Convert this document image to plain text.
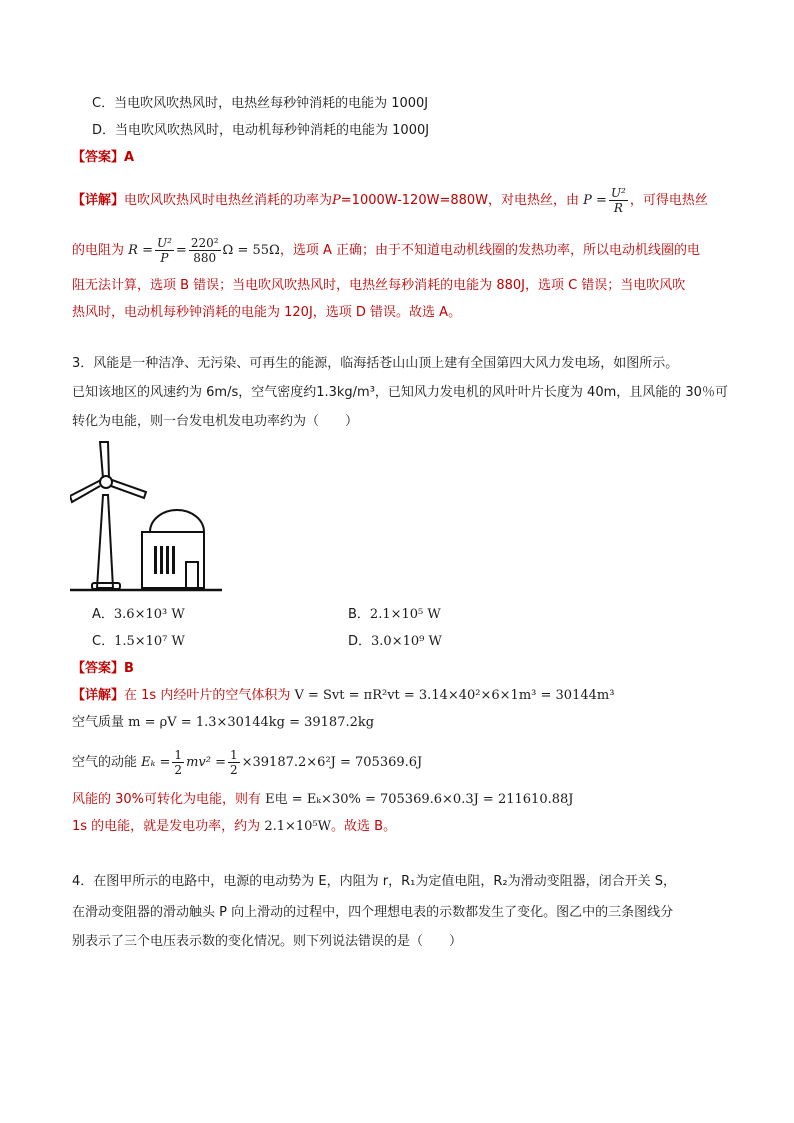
C．当电吹风吹热风时，电热丝每秒钟消耗的电能为 1000J
D．当电吹风吹热风时，电动机每秒钟消耗的电能为 1000J
【答案】A
【详解】电吹风吹热风时电热丝消耗的功率为P=1000W-120W=880W，对电热丝，由 $P = \frac{\text{U²}}{R}$ ，可得电热丝
的电阻为 $R = \frac{\text{U²}}{P} = \frac{\text{220²}}{880}$ Ω = 55Ω，选项 A 正确；由于不知道电动机线圈的发热功率，所以电动机线圈的电
阻无法计算，选项 B 错误；当电吹风吹热风时，电热丝每秒消耗的电能为 880J，选项 C 错误；当电吹风吹
热风时，电动机每秒钟消耗的电能为 120J，选项 D 错误。故选 A。
3．风能是一种洁净、无污染、可再生的能源，临海括苍山山顶上建有全国第四大风力发电场，如图所示。
已知该地区的风速约为 6m/s，空气密度约1.3kg/m³，已知风力发电机的风叶叶片长度为 40m，且风能的 30％可
转化为电能，则一台发电机发电功率约为（　　）
A．3.6×10³ W	B．2.1×10⁵ W
C．1.5×10⁷ W	D．3.0×10⁹ W
【答案】B
【详解】在 1s 内经叶片的空气体积为 V = Svt = πR²vt = 3.14×40²×6×1m³ = 30144m³
空气质量 m = ρV = 1.3×30144kg = 39187.2kg
空气的动能 $E_k = \frac{1}{2} mv^2 = \frac{1}{2} \times 39187.2\times 6^2J = 705369.6J$
风能的 30%可转化为电能，则有 E电 = Eₖ×30% = 705369.6×0.3J = 211610.88J
1s 的电能，就是发电功率，约为 2.1×10⁵W。故选 B。
4．在图甲所示的电路中，电源的电动势为 E，内阻为 r，R₁为定值电阻，R₂为滑动变阻器，闭合开关 S，
在滑动变阻器的滑动触头 P 向上滑动的过程中，四个理想电表的示数都发生了变化。图乙中的三条图线分
别表示了三个电压表示数的变化情况。则下列说法错误的是（　　）
